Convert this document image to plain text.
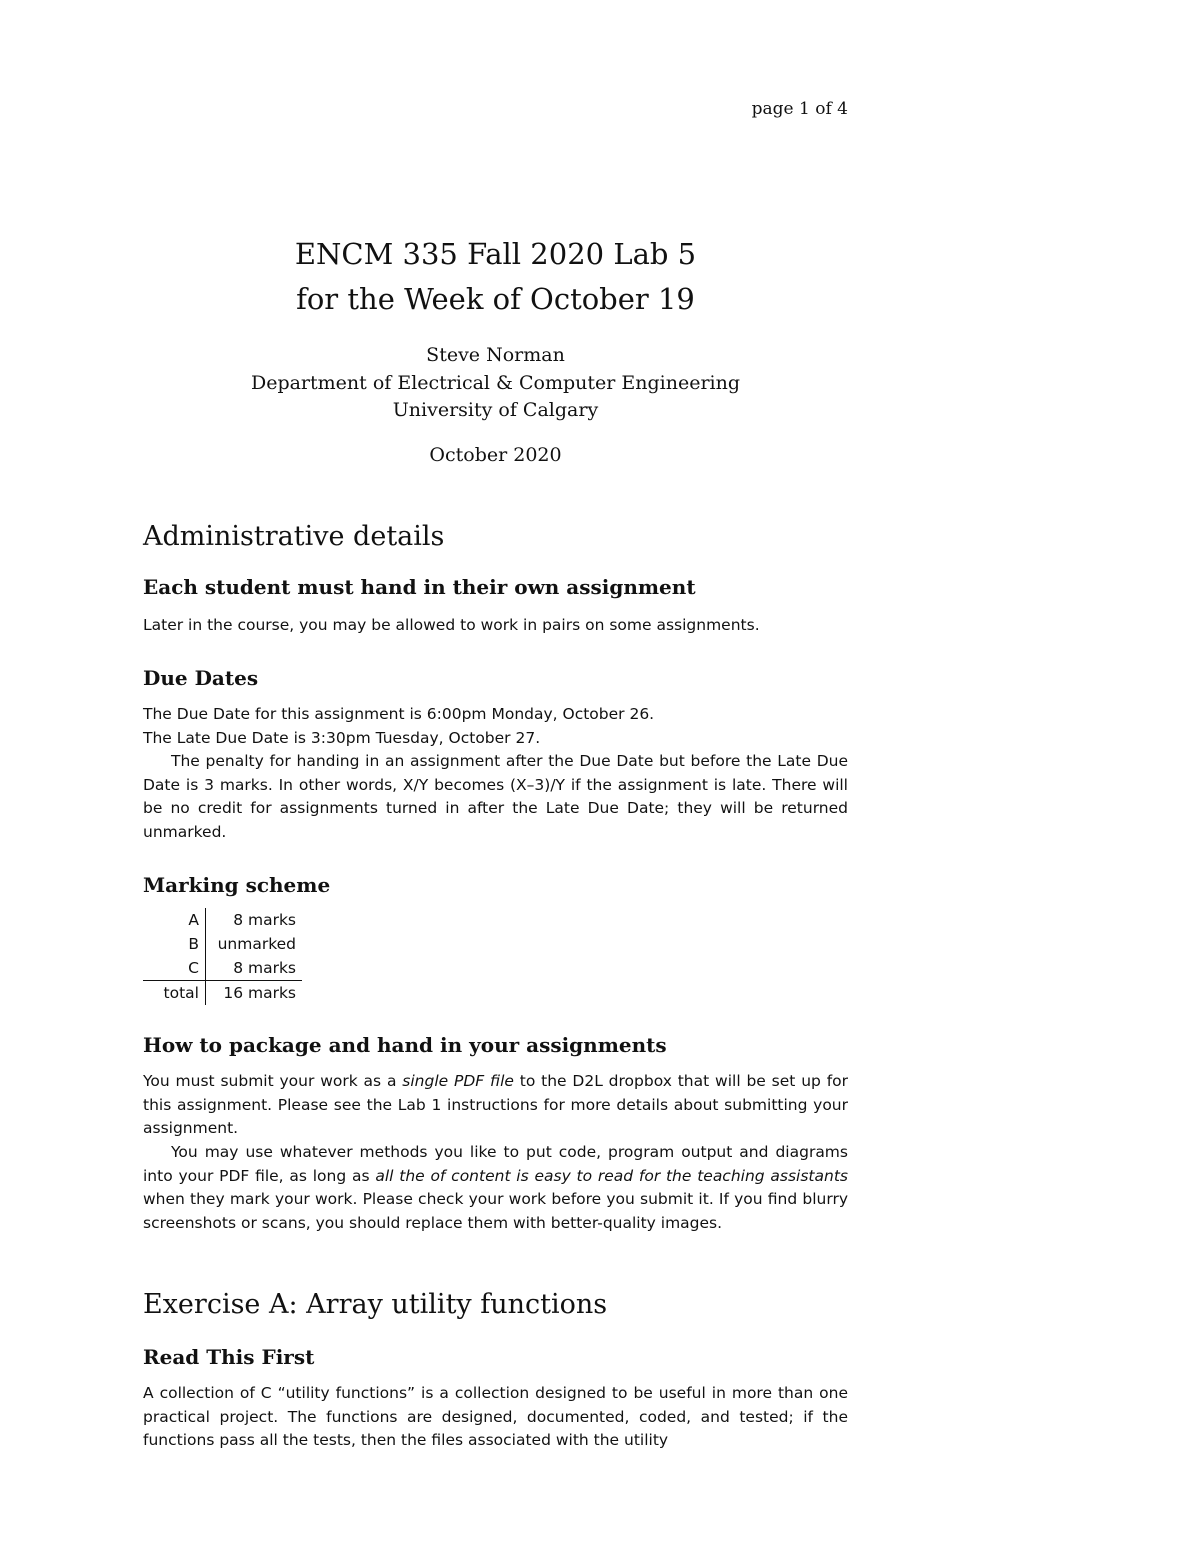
page 1 of 4
ENCM 335 Fall 2020 Lab 5
for the Week of October 19
Steve Norman
Department of Electrical & Computer Engineering
University of Calgary
October 2020
Administrative details
Each student must hand in their own assignment

Later in the course, you may be allowed to work in pairs on some assignments.

Due Dates

The Due Date for this assignment is 6:00pm Monday, October 26.

The Late Due Date is 3:30pm Tuesday, October 27.

The penalty for handing in an assignment after the Due Date but before the Late Due Date is 3 marks. In other words, X/Y becomes (X–3)/Y if the assignment is late. There will be no credit for assignments turned in after the Late Due Date; they will be returned unmarked.

Marking scheme
A	8 marks
B	unmarked
C	8 marks
total	16 marks
How to package and hand in your assignments

You must submit your work as a single PDF file to the D2L dropbox that will be set up for this assignment. Please see the Lab 1 instructions for more details about submitting your assignment.

You may use whatever methods you like to put code, program output and diagrams into your PDF file, as long as all the of content is easy to read for the teaching assistants when they mark your work. Please check your work before you submit it. If you find blurry screenshots or scans, you should replace them with better-quality images.

Exercise A: Array utility functions
Read This First

A collection of C “utility functions” is a collection designed to be useful in more than one practical project. The functions are designed, documented, coded, and tested; if the functions pass all the tests, then the files associated with the utility
